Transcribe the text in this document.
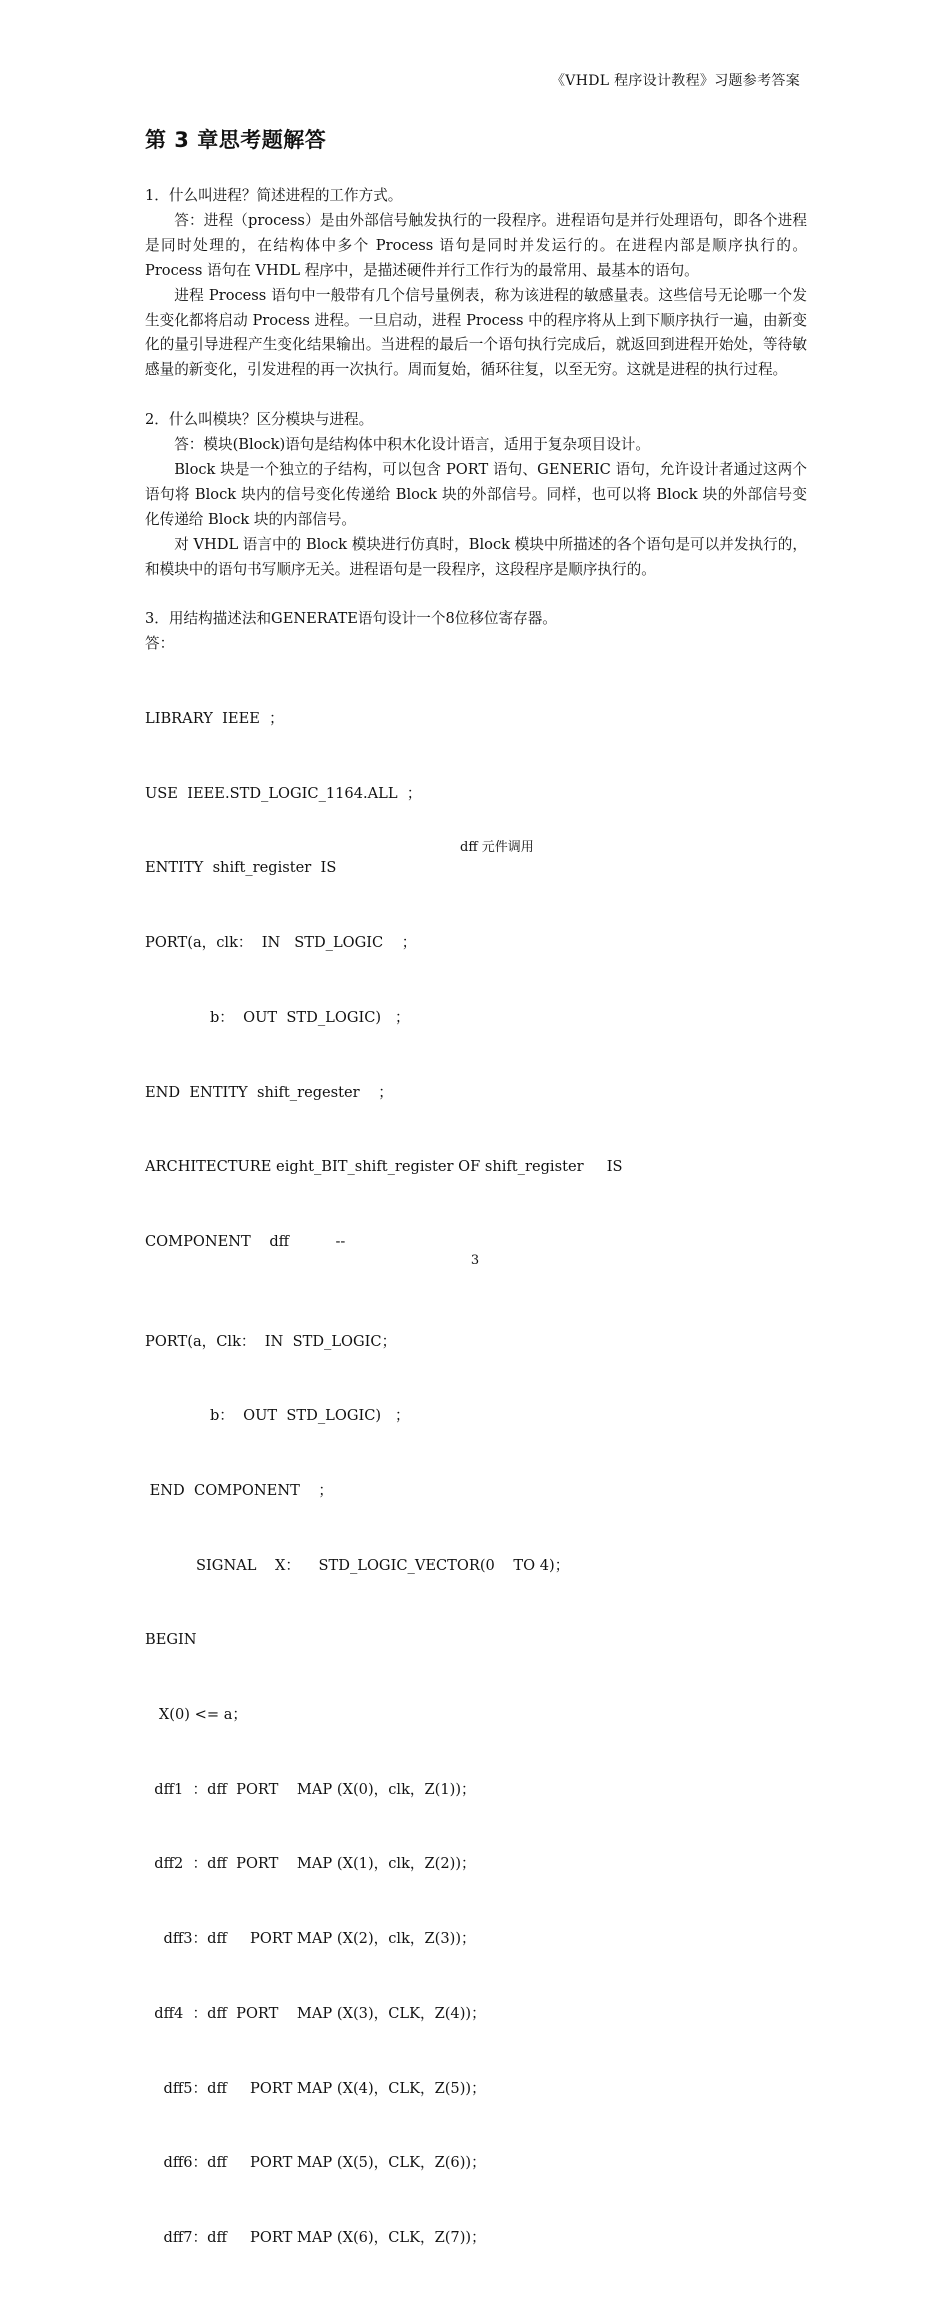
《VHDL 程序设计教程》习题参考答案
第 3 章思考题解答

1．什么叫进程？简述进程的工作方式。

答：进程（process）是由外部信号触发执行的一段程序。进程语句是并行处理语句，即各个进程是同时处理的，在结构体中多个 Process 语句是同时并发运行的。在进程内部是顺序执行的。Process 语句在 VHDL 程序中，是描述硬件并行工作行为的最常用、最基本的语句。

进程 Process 语句中一般带有几个信号量例表，称为该进程的敏感量表。这些信号无论哪一个发生变化都将启动 Process 进程。一旦启动，进程 Process 中的程序将从上到下顺序执行一遍，由新变化的量引导进程产生变化结果输出。当进程的最后一个语句执行完成后，就返回到进程开始处，等待敏感量的新变化，引发进程的再一次执行。周而复始，循环往复，以至无穷。这就是进程的执行过程。

2．什么叫模块？区分模块与进程。

答：模块(Block)语句是结构体中积木化设计语言，适用于复杂项目设计。

Block 块是一个独立的子结构，可以包含 PORT 语句、GENERIC 语句，允许设计者通过这两个语句将 Block 块内的信号变化传递给 Block 块的外部信号。同样，也可以将 Block 块的外部信号变化传递给 Block 块的内部信号。

对 VHDL 语言中的 Block 模块进行仿真时，Block 模块中所描述的各个语句是可以并发执行的，和模块中的语句书写顺序无关。进程语句是一段程序，这段程序是顺序执行的。

3．用结构描述法和GENERATE语句设计一个8位移位寄存器。

答：

LIBRARY  IEEE  ；

USE  IEEE.STD_LOGIC_1164.ALL  ；

ENTITY  shift_register  IS

PORT(a，clk：  IN   STD_LOGIC    ；

b：  OUT  STD_LOGIC)   ；

END  ENTITY  shift_regester    ；

ARCHITECTURE eight_BIT_shift_register OF shift_register     IS

COMPONENT    dff          --

dff 元件调用

PORT(a，Clk：  IN  STD_LOGIC；

b：  OUT  STD_LOGIC)   ；

END  COMPONENT    ；

SIGNAL    X：    STD_LOGIC_VECTOR(0    TO 4)；

BEGIN

X(0) <= a；

dff1  ：dff  PORT    MAP (X(0)，clk，Z(1))；

dff2  ：dff  PORT    MAP (X(1)，clk，Z(2))；

dff3：dff     PORT MAP (X(2)，clk，Z(3))；

dff4  ：dff  PORT    MAP (X(3)，CLK，Z(4))；

dff5：dff     PORT MAP (X(4)，CLK，Z(5))；

dff6：dff     PORT MAP (X(5)，CLK，Z(6))；

dff7：dff     PORT MAP (X(6)，CLK，Z(7))；

3
